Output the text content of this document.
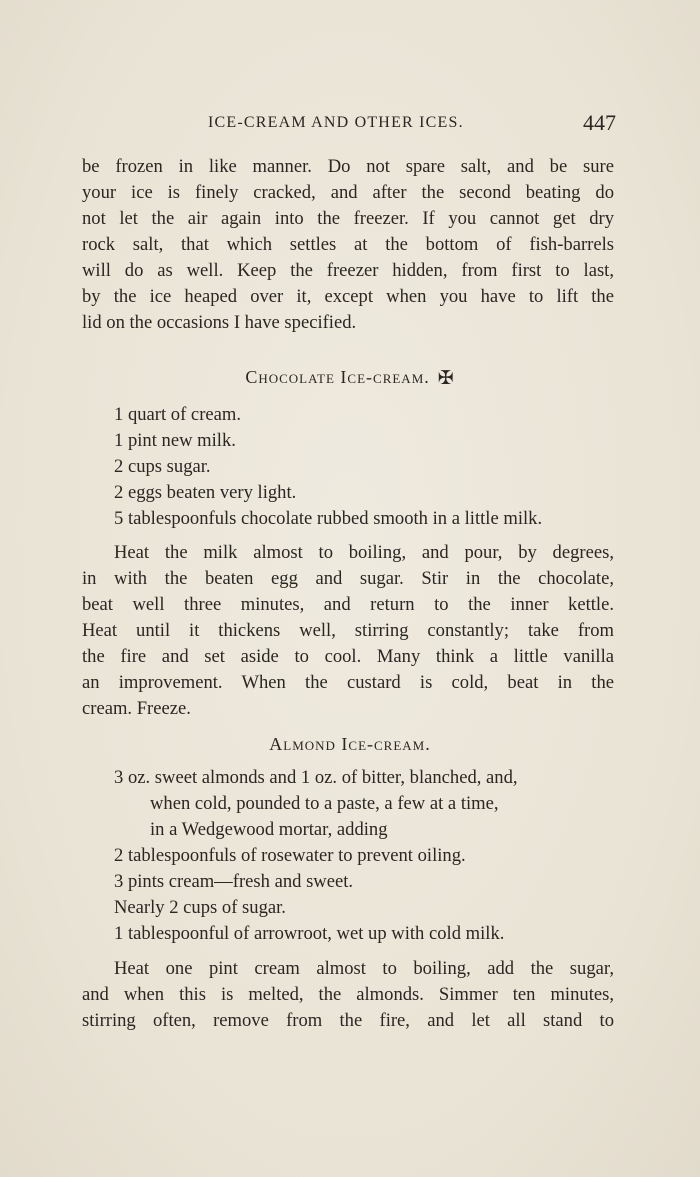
ICE-CREAM AND OTHER ICES.	447
be frozen in like manner. Do not spare salt, and be sure
your ice is finely cracked, and after the second beating do
not let the air again into the freezer. If you cannot get dry
rock salt, that which settles at the bottom of fish-barrels
will do as well. Keep the freezer hidden, from first to last,
by the ice heaped over it, except when you have to lift the
lid on the occasions I have specified.
Chocolate Ice-cream. ✠
1 quart of cream.
1 pint new milk.
2 cups sugar.
2 eggs beaten very light.
5 tablespoonfuls chocolate rubbed smooth in a little milk.
Heat the milk almost to boiling, and pour, by degrees,
in with the beaten egg and sugar. Stir in the chocolate,
beat well three minutes, and return to the inner kettle.
Heat until it thickens well, stirring constantly; take from
the fire and set aside to cool. Many think a little vanilla
an improvement. When the custard is cold, beat in the
cream. Freeze.
Almond Ice-cream.
3 oz. sweet almonds and 1 oz. of bitter, blanched, and,
when cold, pounded to a paste, a few at a time,
in a Wedgewood mortar, adding
2 tablespoonfuls of rosewater to prevent oiling.
3 pints cream—fresh and sweet.
Nearly 2 cups of sugar.
1 tablespoonful of arrowroot, wet up with cold milk.
Heat one pint cream almost to boiling, add the sugar,
and when this is melted, the almonds. Simmer ten minutes,
stirring often, remove from the fire, and let all stand to
